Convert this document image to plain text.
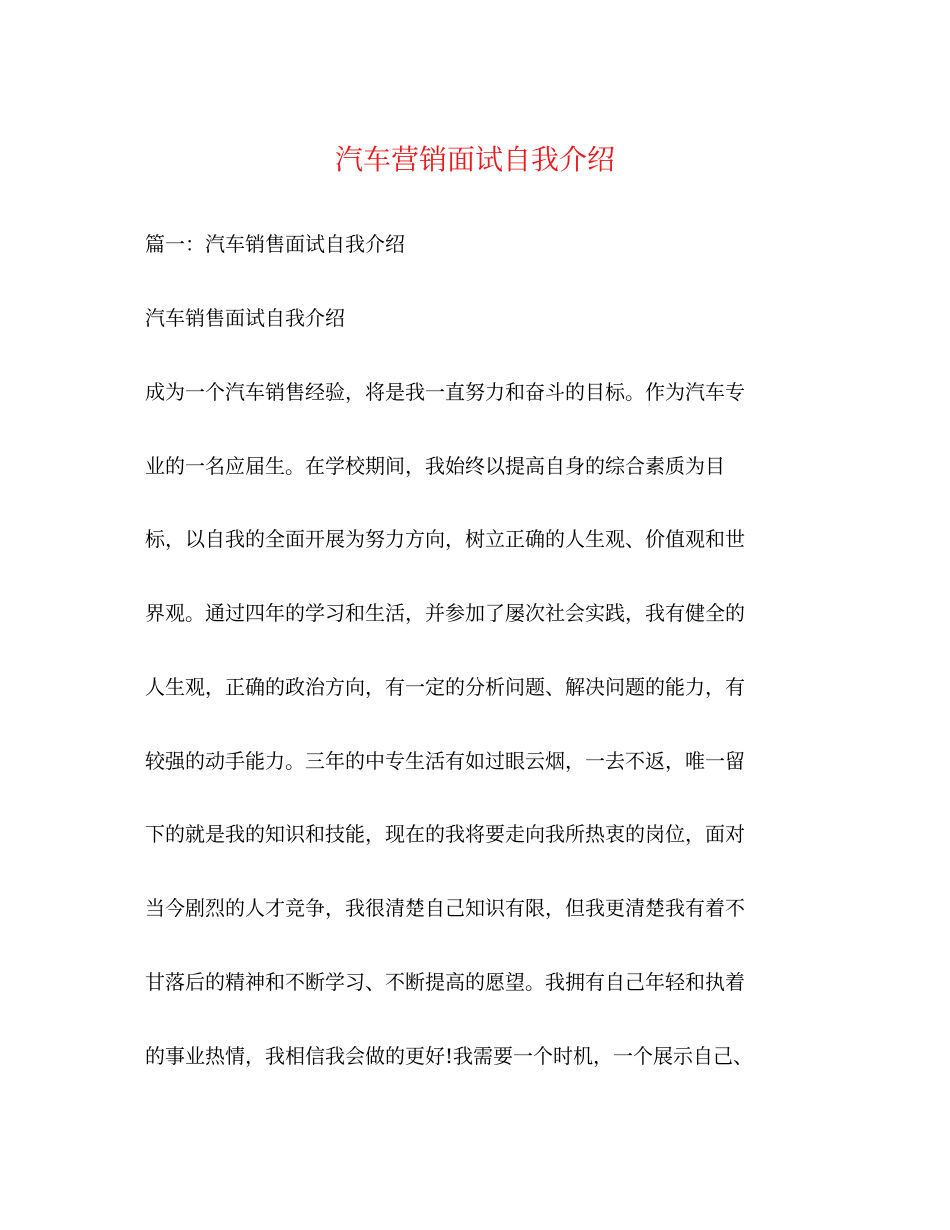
汽车营销面试自我介绍

篇一：汽车销售面试自我介绍

汽车销售面试自我介绍

成为一个汽车销售经验，将是我一直努力和奋斗的目标。作为汽车专

业的一名应届生。在学校期间，我始终以提高自身的综合素质为目

标，以自我的全面开展为努力方向，树立正确的人生观、价值观和世

界观。通过四年的学习和生活，并参加了屡次社会实践，我有健全的

人生观，正确的政治方向，有一定的分析问题、解决问题的能力，有

较强的动手能力。三年的中专生活有如过眼云烟，一去不返，唯一留

下的就是我的知识和技能，现在的我将要走向我所热衷的岗位，面对

当今剧烈的人才竞争，我很清楚自己知识有限，但我更清楚我有着不

甘落后的精神和不断学习、不断提高的愿望。我拥有自己年轻和执着

的事业热情，我相信我会做的更好!我需要一个时机，一个展示自己、
